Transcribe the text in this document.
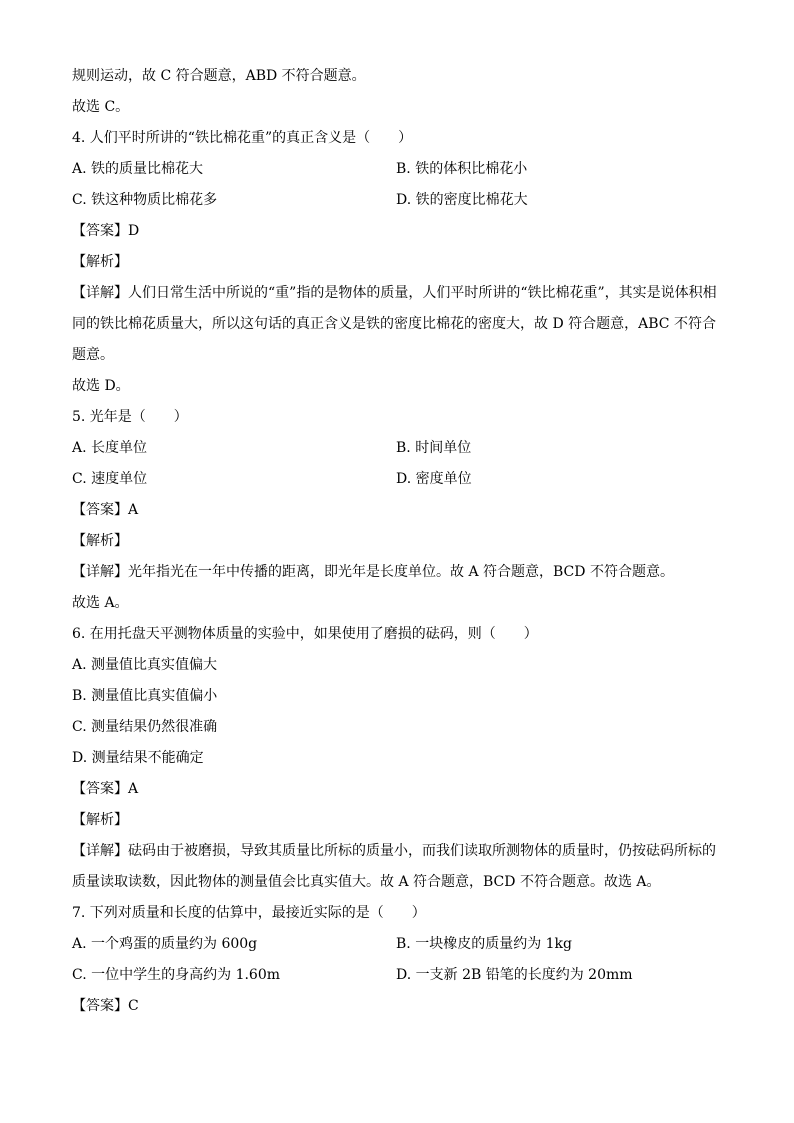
规则运动，故 C 符合题意，ABD 不符合题意。
故选 C。
4. 人们平时所讲的“铁比棉花重”的真正含义是（　　）
A. 铁的质量比棉花大	B. 铁的体积比棉花小
C. 铁这种物质比棉花多	D. 铁的密度比棉花大
【答案】D
【解析】
【详解】人们日常生活中所说的“重”指的是物体的质量，人们平时所讲的“铁比棉花重”，其实是说体积相同的铁比棉花质量大，所以这句话的真正含义是铁的密度比棉花的密度大，故 D 符合题意，ABC 不符合题意。
故选 D。
5. 光年是（　　）
A. 长度单位	B. 时间单位
C. 速度单位	D. 密度单位
【答案】A
【解析】
【详解】光年指光在一年中传播的距离，即光年是长度单位。故 A 符合题意，BCD 不符合题意。
故选 A。
6. 在用托盘天平测物体质量的实验中，如果使用了磨损的砝码，则（　　）
A. 测量值比真实值偏大
B. 测量值比真实值偏小
C. 测量结果仍然很准确
D. 测量结果不能确定
【答案】A
【解析】
【详解】砝码由于被磨损，导致其质量比所标的质量小，而我们读取所测物体的质量时，仍按砝码所标的质量读取读数，因此物体的测量值会比真实值大。故 A 符合题意，BCD 不符合题意。故选 A。
7. 下列对质量和长度的估算中，最接近实际的是（　　）
A. 一个鸡蛋的质量约为 600g	B. 一块橡皮的质量约为 1kg
C. 一位中学生的身高约为 1.60m	D. 一支新 2B 铅笔的长度约为 20mm
【答案】C
